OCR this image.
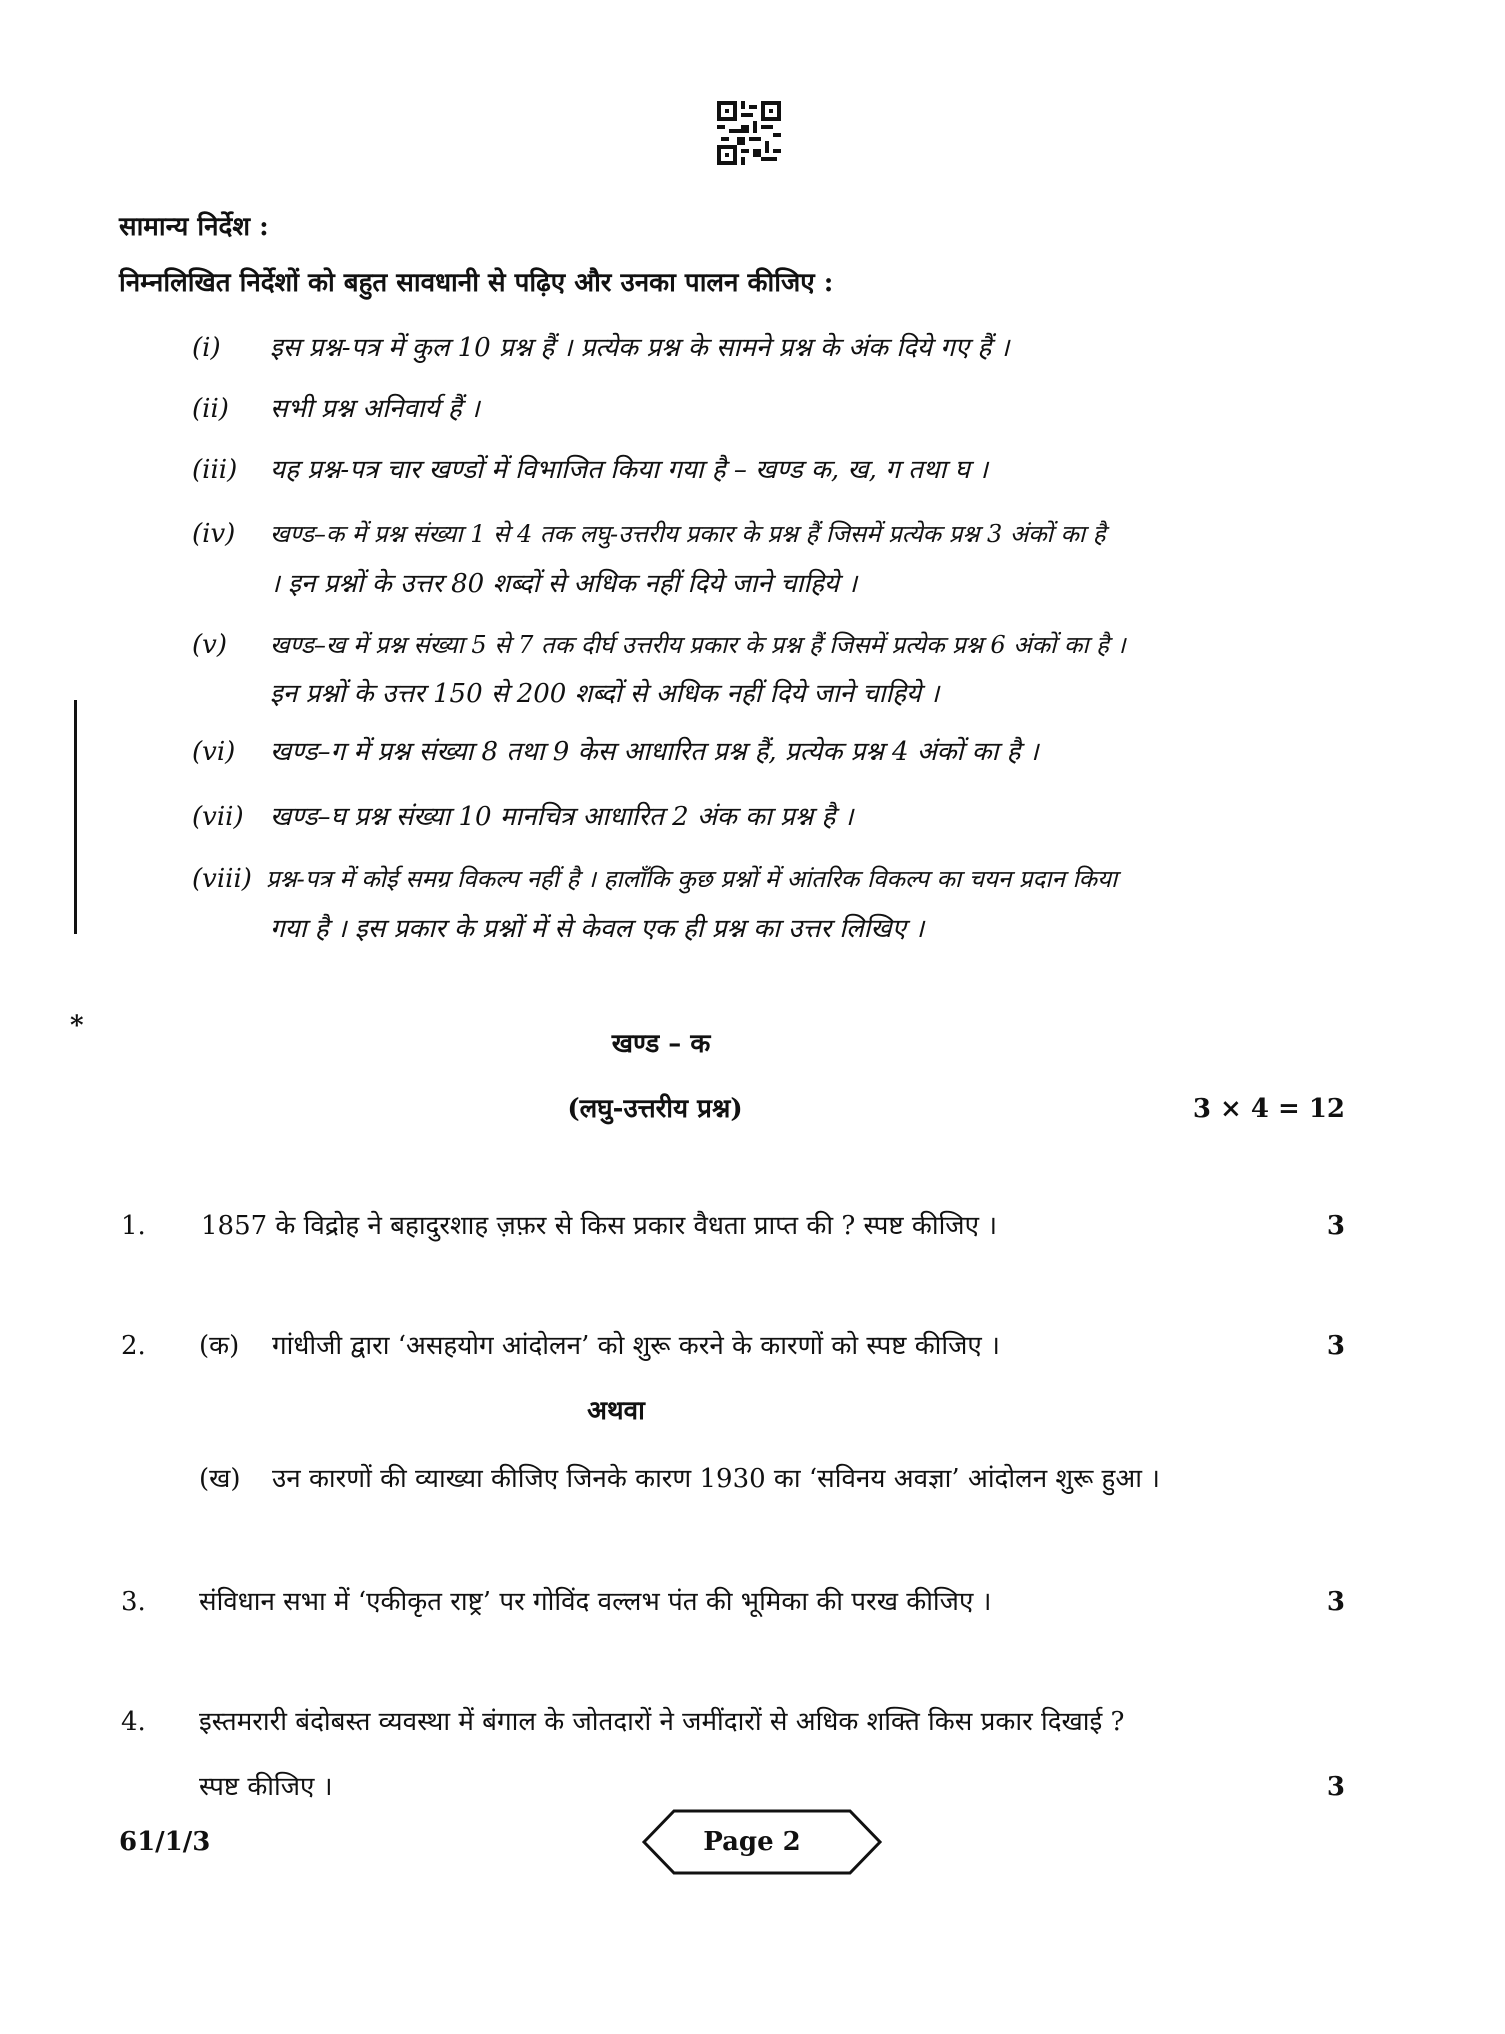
सामान्य निर्देश :
निम्नलिखित निर्देशों को बहुत सावधानी से पढ़िए और उनका पालन कीजिए :
(i) इस प्रश्न-पत्र में कुल 10 प्रश्न हैं । प्रत्येक प्रश्न के सामने प्रश्न के अंक दिये गए हैं ।
(ii) सभी प्रश्न अनिवार्य हैं ।
(iii) यह प्रश्न-पत्र चार खण्डों में विभाजित किया गया है – खण्ड क, ख, ग तथा घ ।
(iv) खण्ड–क में प्रश्न संख्या 1 से 4 तक लघु-उत्तरीय प्रकार के प्रश्न हैं जिसमें प्रत्येक प्रश्न 3 अंकों का है
। इन प्रश्नों के उत्तर 80 शब्दों से अधिक नहीं दिये जाने चाहिये ।
(v) खण्ड–ख में प्रश्न संख्या 5 से 7 तक दीर्घ उत्तरीय प्रकार के प्रश्न हैं जिसमें प्रत्येक प्रश्न 6 अंकों का है ।
इन प्रश्नों के उत्तर 150 से 200 शब्दों से अधिक नहीं दिये जाने चाहिये ।
(vi) खण्ड–ग में प्रश्न संख्या 8 तथा 9 केस आधारित प्रश्न हैं, प्रत्येक प्रश्न 4 अंकों का है ।
(vii) खण्ड–घ प्रश्न संख्या 10 मानचित्र आधारित 2 अंक का प्रश्न है ।
(viii) प्रश्न-पत्र में कोई समग्र विकल्प नहीं है । हालाँकि कुछ प्रश्नों में आंतरिक विकल्प का चयन प्रदान किया
गया है । इस प्रकार के प्रश्नों में से केवल एक ही प्रश्न का उत्तर लिखिए ।
*
खण्ड – क
(लघु-उत्तरीय प्रश्न)	3 × 4 = 12
1. 1857 के विद्रोह ने बहादुरशाह ज़फ़र से किस प्रकार वैधता प्राप्त की ? स्पष्ट कीजिए ।	3
2. (क) गांधीजी द्वारा ‘असहयोग आंदोलन’ को शुरू करने के कारणों को स्पष्ट कीजिए ।	3
अथवा
(ख) उन कारणों की व्याख्या कीजिए जिनके कारण 1930 का ‘सविनय अवज्ञा’ आंदोलन शुरू हुआ ।
3. संविधान सभा में ‘एकीकृत राष्ट्र’ पर गोविंद वल्लभ पंत की भूमिका की परख कीजिए ।	3
4. इस्तमरारी बंदोबस्त व्यवस्था में बंगाल के जोतदारों ने जमींदारों से अधिक शक्ति किस प्रकार दिखाई ?
स्पष्ट कीजिए ।	3
61/1/3	Page 2
